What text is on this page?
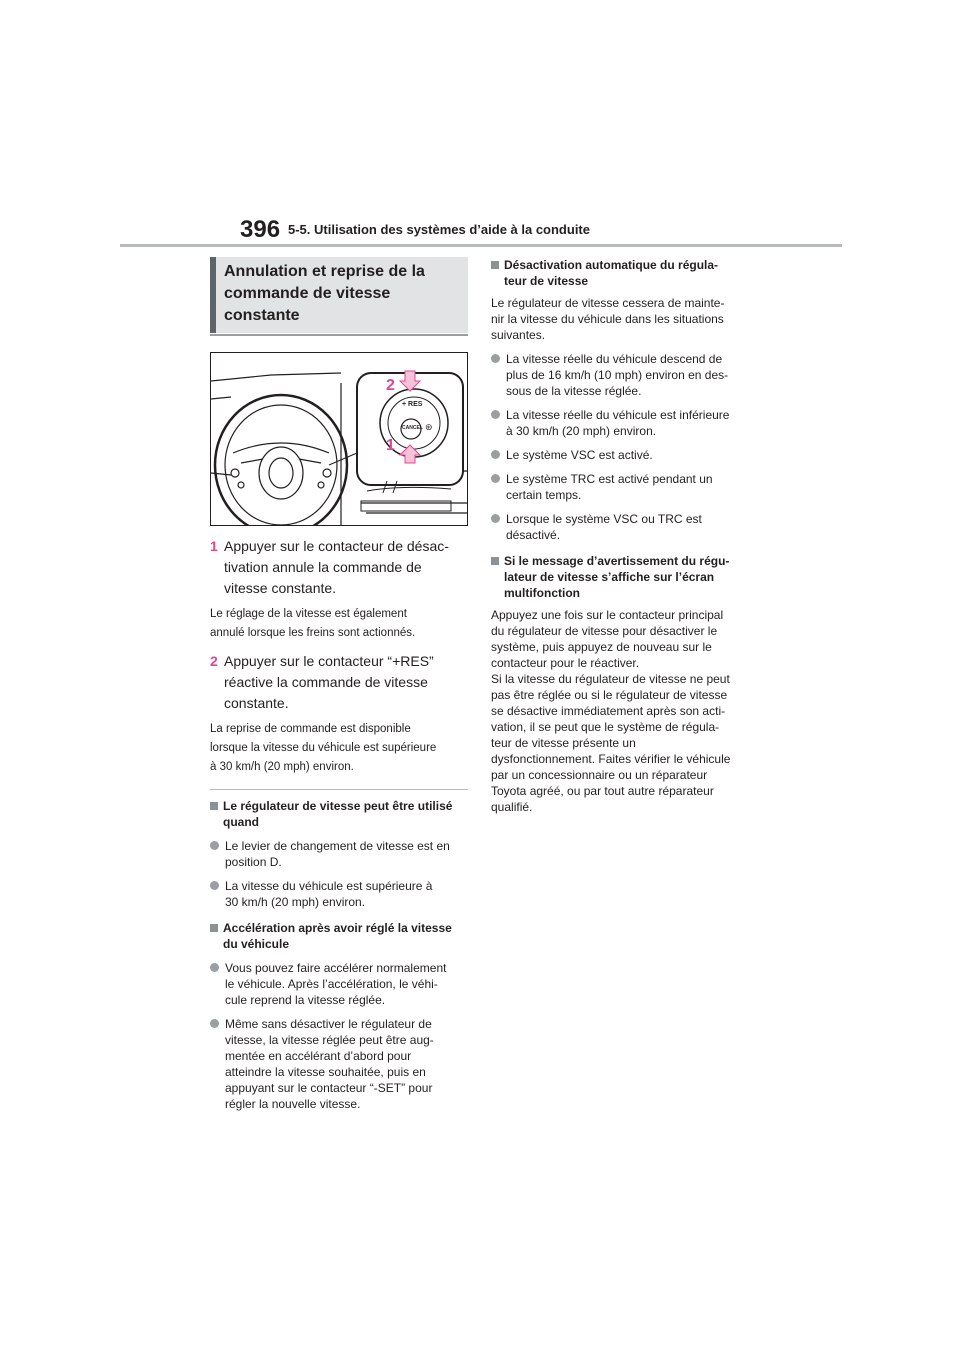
396 5-5. Utilisation des systèmes d’aide à la conduite
Annulation et reprise de la
commande de vitesse
constante
2
1
+ RES
CANCEL ⊛
1 Appuyer sur le contacteur de désac-
tivation annule la commande de
vitesse constante.
Le réglage de la vitesse est également
annulé lorsque les freins sont actionnés.
2 Appuyer sur le contacteur “+RES”
réactive la commande de vitesse
constante.
La reprise de commande est disponible
lorsque la vitesse du véhicule est supérieure
à 30 km/h (20 mph) environ.
Le régulateur de vitesse peut être utilisé
quand
Le levier de changement de vitesse est en
position D.
La vitesse du véhicule est supérieure à
30 km/h (20 mph) environ.
Accélération après avoir réglé la vitesse
du véhicule
Vous pouvez faire accélérer normalement
le véhicule. Après l’accélération, le véhi-
cule reprend la vitesse réglée.
Même sans désactiver le régulateur de
vitesse, la vitesse réglée peut être aug-
mentée en accélérant d’abord pour
atteindre la vitesse souhaitée, puis en
appuyant sur le contacteur “-SET” pour
régler la nouvelle vitesse.
Désactivation automatique du régula-
teur de vitesse
Le régulateur de vitesse cessera de mainte-
nir la vitesse du véhicule dans les situations
suivantes.
La vitesse réelle du véhicule descend de
plus de 16 km/h (10 mph) environ en des-
sous de la vitesse réglée.
La vitesse réelle du véhicule est inférieure
à 30 km/h (20 mph) environ.
Le système VSC est activé.
Le système TRC est activé pendant un
certain temps.
Lorsque le système VSC ou TRC est
désactivé.
Si le message d’avertissement du régu-
lateur de vitesse s’affiche sur l’écran
multifonction
Appuyez une fois sur le contacteur principal
du régulateur de vitesse pour désactiver le
système, puis appuyez de nouveau sur le
contacteur pour le réactiver.
Si la vitesse du régulateur de vitesse ne peut
pas être réglée ou si le régulateur de vitesse
se désactive immédiatement après son acti-
vation, il se peut que le système de régula-
teur de vitesse présente un
dysfonctionnement. Faites vérifier le véhicule
par un concessionnaire ou un réparateur
Toyota agréé, ou par tout autre réparateur
qualifié.
